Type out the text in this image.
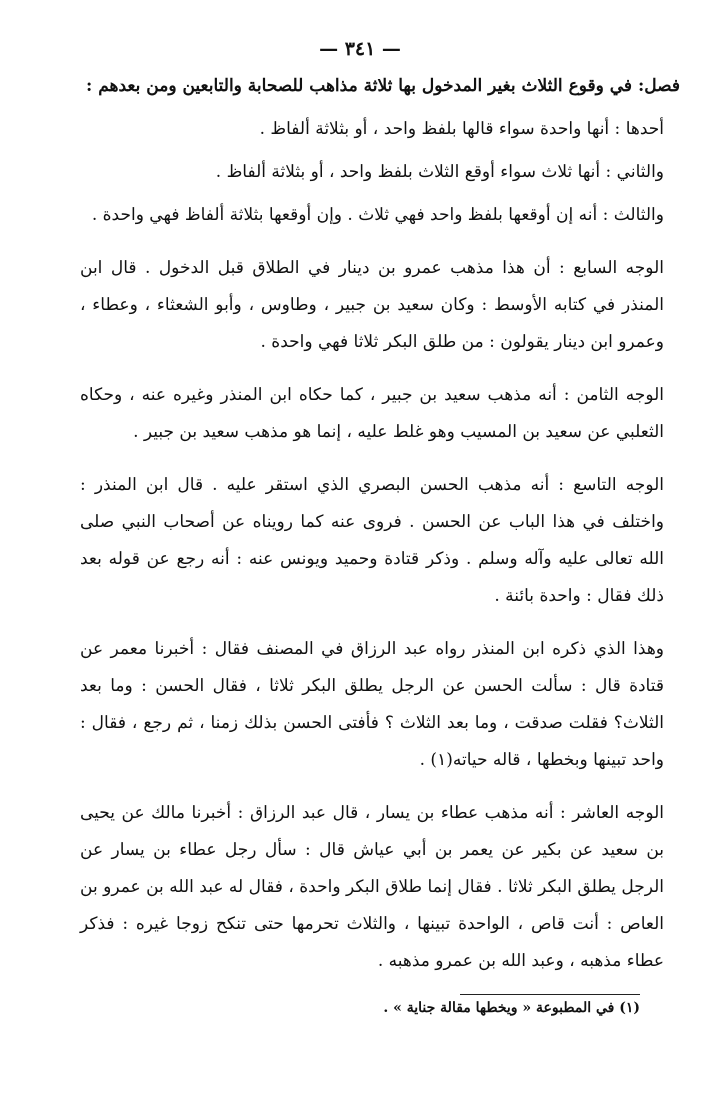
— ٣٤١ —

فصل: في وقوع الثلاث بغير المدخول بها ثلاثة مذاهب للصحابة والتابعين ومن بعدهم :

أحدها : أنها واحدة سواء قالها بلفظ واحد ، أو بثلاثة ألفاظ .

والثاني : أنها ثلاث سواء أوقع الثلاث بلفظ واحد ، أو بثلاثة ألفاظ .

والثالث : أنه إن أوقعها بلفظ واحد فهي ثلاث . وإن أوقعها بثلاثة ألفاظ فهي واحدة .

الوجه السابع : أن هذا مذهب عمرو بن دينار في الطلاق قبل الدخول . قال ابن المنذر في كتابه الأوسط : وكان سعيد بن جبير ، وطاوس ، وأبو الشعثاء ، وعطاء ، وعمرو ابن دينار يقولون : من طلق البكر ثلاثا فهي واحدة .

الوجه الثامن : أنه مذهب سعيد بن جبير ، كما حكاه ابن المنذر وغيره عنه ، وحكاه الثعلبي عن سعيد بن المسيب وهو غلط عليه ، إنما هو مذهب سعيد بن جبير .

الوجه التاسع : أنه مذهب الحسن البصري الذي استقر عليه . قال ابن المنذر : واختلف في هذا الباب عن الحسن . فروى عنه كما رويناه عن أصحاب النبي صلى الله تعالى عليه وآله وسلم . وذكر قتادة وحميد ويونس عنه : أنه رجع عن قوله بعد ذلك فقال : واحدة بائنة .

وهذا الذي ذكره ابن المنذر رواه عبد الرزاق في المصنف فقال : أخبرنا معمر عن قتادة قال : سألت الحسن عن الرجل يطلق البكر ثلاثا ، فقال الحسن : وما بعد الثلاث؟ فقلت صدقت ، وما بعد الثلاث ؟ فأفتى الحسن بذلك زمنا ، ثم رجع ، فقال : واحد تبينها وبخطها ، قاله حياته(١) .

الوجه العاشر : أنه مذهب عطاء بن يسار ، قال عبد الرزاق : أخبرنا مالك عن يحيى بن سعيد عن بكير عن يعمر بن أبي عياش قال : سأل رجل عطاء بن يسار عن الرجل يطلق البكر ثلاثا . فقال إنما طلاق البكر واحدة ، فقال له عبد الله بن عمرو بن العاص : أنت قاص ، الواحدة تبينها ، والثلاث تحرمها حتى تنكح زوجا غيره : فذكر عطاء مذهبه ، وعبد الله بن عمرو مذهبه .

(١) في المطبوعة « ويخطها مقالة جناية » .
